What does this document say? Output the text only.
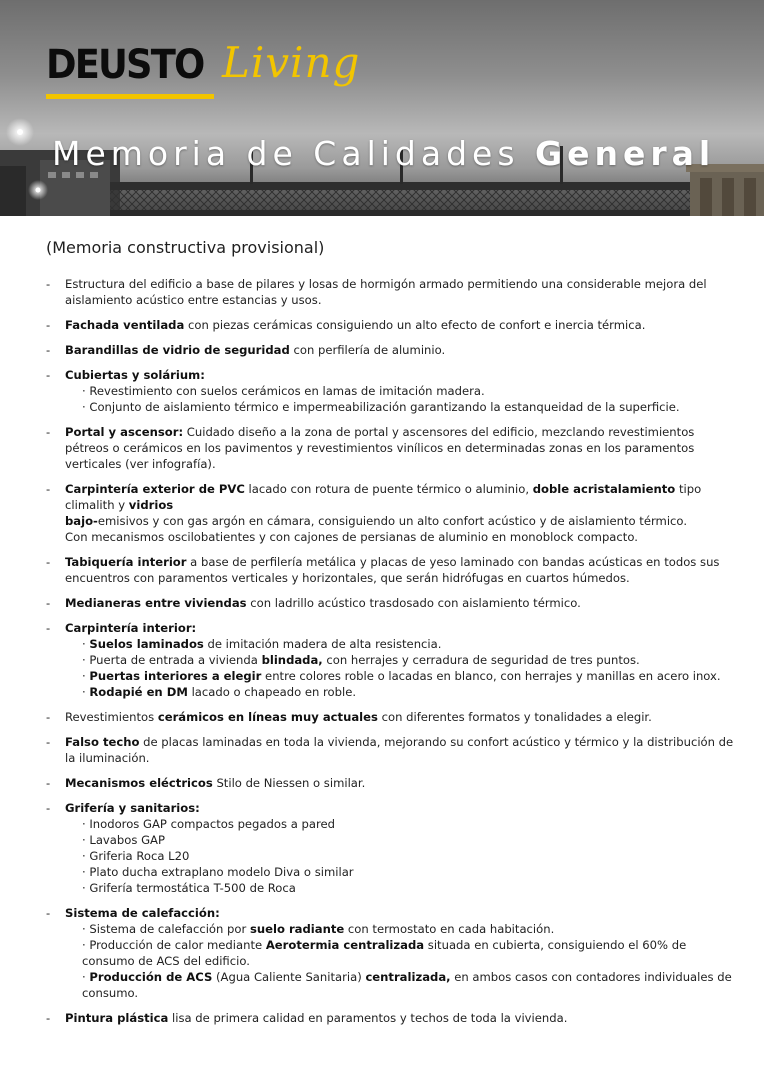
DEUSTO Living
Memoria de Calidades General
(Memoria constructiva provisional)
- Estructura del edificio a base de pilares y losas de hormigón armado permitiendo una considerable mejora del aislamiento acústico entre estancias y usos.
- Fachada ventilada con piezas cerámicas consiguiendo un alto efecto de confort e inercia térmica.
- Barandillas de vidrio de seguridad con perfilería de aluminio.
- Cubiertas y solárium:
· Revestimiento con suelos cerámicos en lamas de imitación madera.
· Conjunto de aislamiento térmico e impermeabilización garantizando la estanqueidad de la superficie.
- Portal y ascensor: Cuidado diseño a la zona de portal y ascensores del edificio, mezclando revestimientos pétreos o cerámicos en los pavimentos y revestimientos vinílicos en determinadas zonas en los paramentos verticales (ver infografía).
- Carpintería exterior de PVC lacado con rotura de puente térmico o aluminio, doble acristalamiento tipo climalith y vidrios
bajo-emisivos y con gas argón en cámara, consiguiendo un alto confort acústico y de aislamiento térmico.
Con mecanismos oscilobatientes y con cajones de persianas de aluminio en monoblock compacto.
- Tabiquería interior a base de perfilería metálica y placas de yeso laminado con bandas acústicas en todos sus encuentros con paramentos verticales y horizontales, que serán hidrófugas en cuartos húmedos.
- Medianeras entre viviendas con ladrillo acústico trasdosado con aislamiento térmico.
- Carpintería interior:
· Suelos laminados de imitación madera de alta resistencia.
· Puerta de entrada a vivienda blindada, con herrajes y cerradura de seguridad de tres puntos.
· Puertas interiores a elegir entre colores roble o lacadas en blanco, con herrajes y manillas en acero inox.
· Rodapié en DM lacado o chapeado en roble.
- Revestimientos cerámicos en líneas muy actuales con diferentes formatos y tonalidades a elegir.
- Falso techo de placas laminadas en toda la vivienda, mejorando su confort acústico y térmico y la distribución de la iluminación.
- Mecanismos eléctricos Stilo de Niessen o similar.
- Grifería y sanitarios:
· Inodoros GAP compactos pegados a pared
· Lavabos GAP
· Griferia Roca L20
· Plato ducha extraplano modelo Diva o similar
· Grifería termostática T-500 de Roca
- Sistema de calefacción:
· Sistema de calefacción por suelo radiante con termostato en cada habitación.
· Producción de calor mediante Aerotermia centralizada situada en cubierta, consiguiendo el 60% de consumo de ACS del edificio.
· Producción de ACS (Agua Caliente Sanitaria) centralizada, en ambos casos con contadores individuales de consumo.
- Pintura plástica lisa de primera calidad en paramentos y techos de toda la vivienda.
